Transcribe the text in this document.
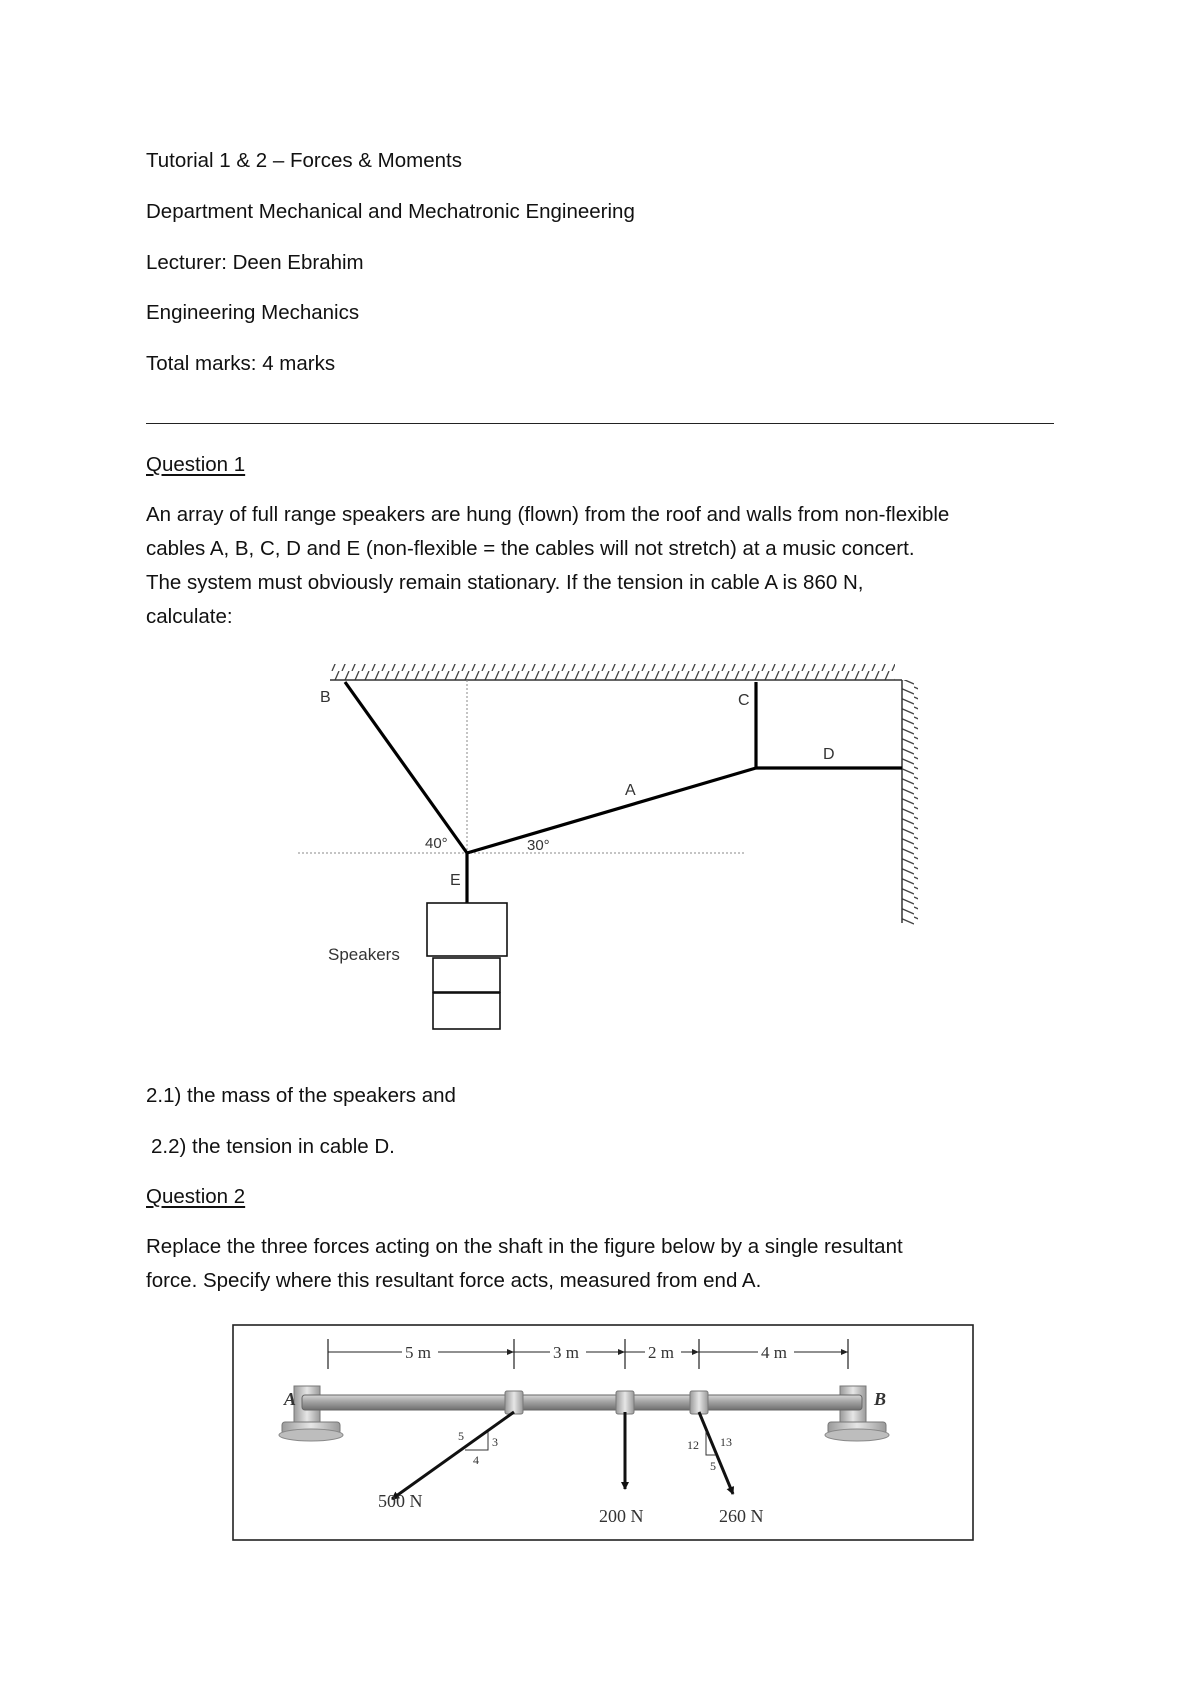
Tutorial 1 & 2 – Forces & Moments
Department Mechanical and Mechatronic Engineering
Lecturer: Deen Ebrahim
Engineering Mechanics
Total marks: 4 marks
Question 1
An array of full range speakers are hung (flown) from the roof and walls from non-flexible
cables A, B, C, D and E (non-flexible = the cables will not stretch) at a music concert.
The system must obviously remain stationary. If the tension in cable A is 860 N,
calculate:
B	C
D
A
E
40°	30°
Speakers
2.1) the mass of the speakers and
2.2) the tension in cable D.
Question 2
Replace the three forces acting on the shaft in the figure below by a single resultant
force. Specify where this resultant force acts, measured from end A.
5 m	3 m	2 m	4 m
A	B
5 3
4
12 13
5
500 N
200 N	260 N
